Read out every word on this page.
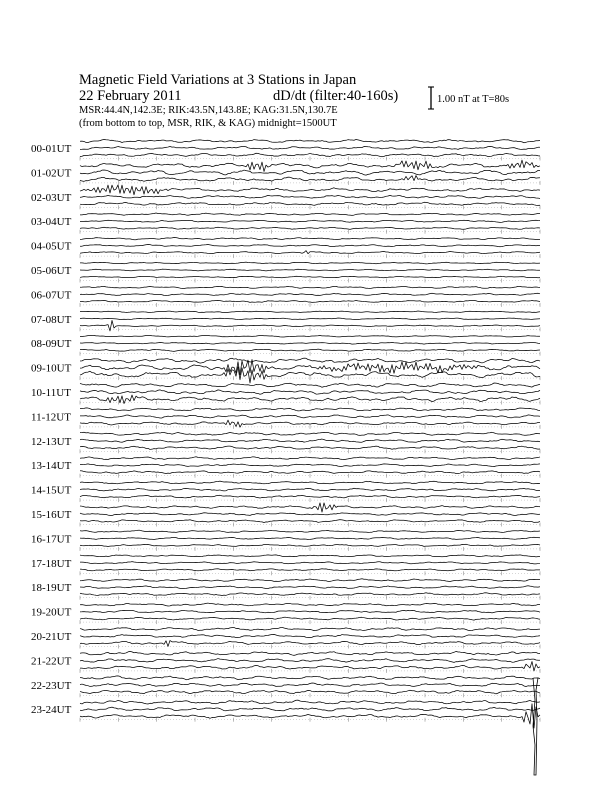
Magnetic Field Variations at 3 Stations in Japan
22 February 2011	dD/dt (filter:40-160s)
MSR:44.4N,142.3E; RIK:43.5N,143.8E; KAG:31.5N,130.7E
(from bottom to top, MSR, RIK, & KAG) midnight=1500UT
1.00 nT at T=80s
00-01UT
01-02UT
02-03UT
03-04UT
04-05UT
05-06UT
06-07UT
07-08UT
08-09UT
09-10UT
10-11UT
11-12UT
12-13UT
13-14UT
14-15UT
15-16UT
16-17UT
17-18UT
18-19UT
19-20UT
20-21UT
21-22UT
22-23UT
23-24UT
